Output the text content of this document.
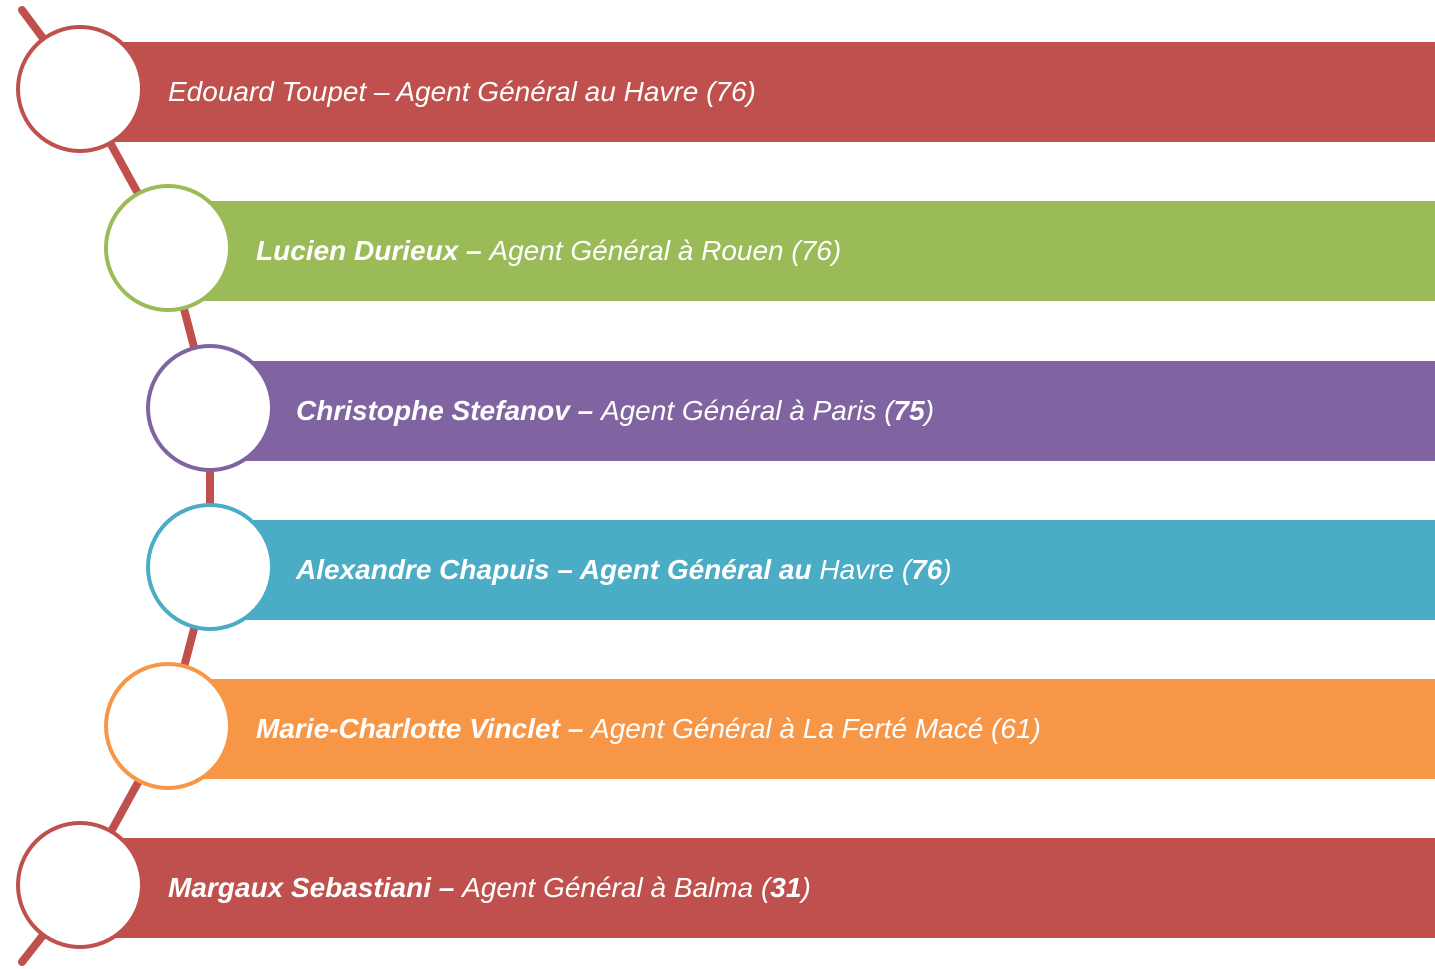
Edouard Toupet – Agent Général au Havre (76)
Lucien Durieux – Agent Général à Rouen (76)
Christophe Stefanov – Agent Général à Paris (75)
Alexandre Chapuis – Agent Général au Havre (76)
Marie-Charlotte Vinclet – Agent Général à La Ferté Macé (61)
Margaux Sebastiani – Agent Général à Balma (31)
